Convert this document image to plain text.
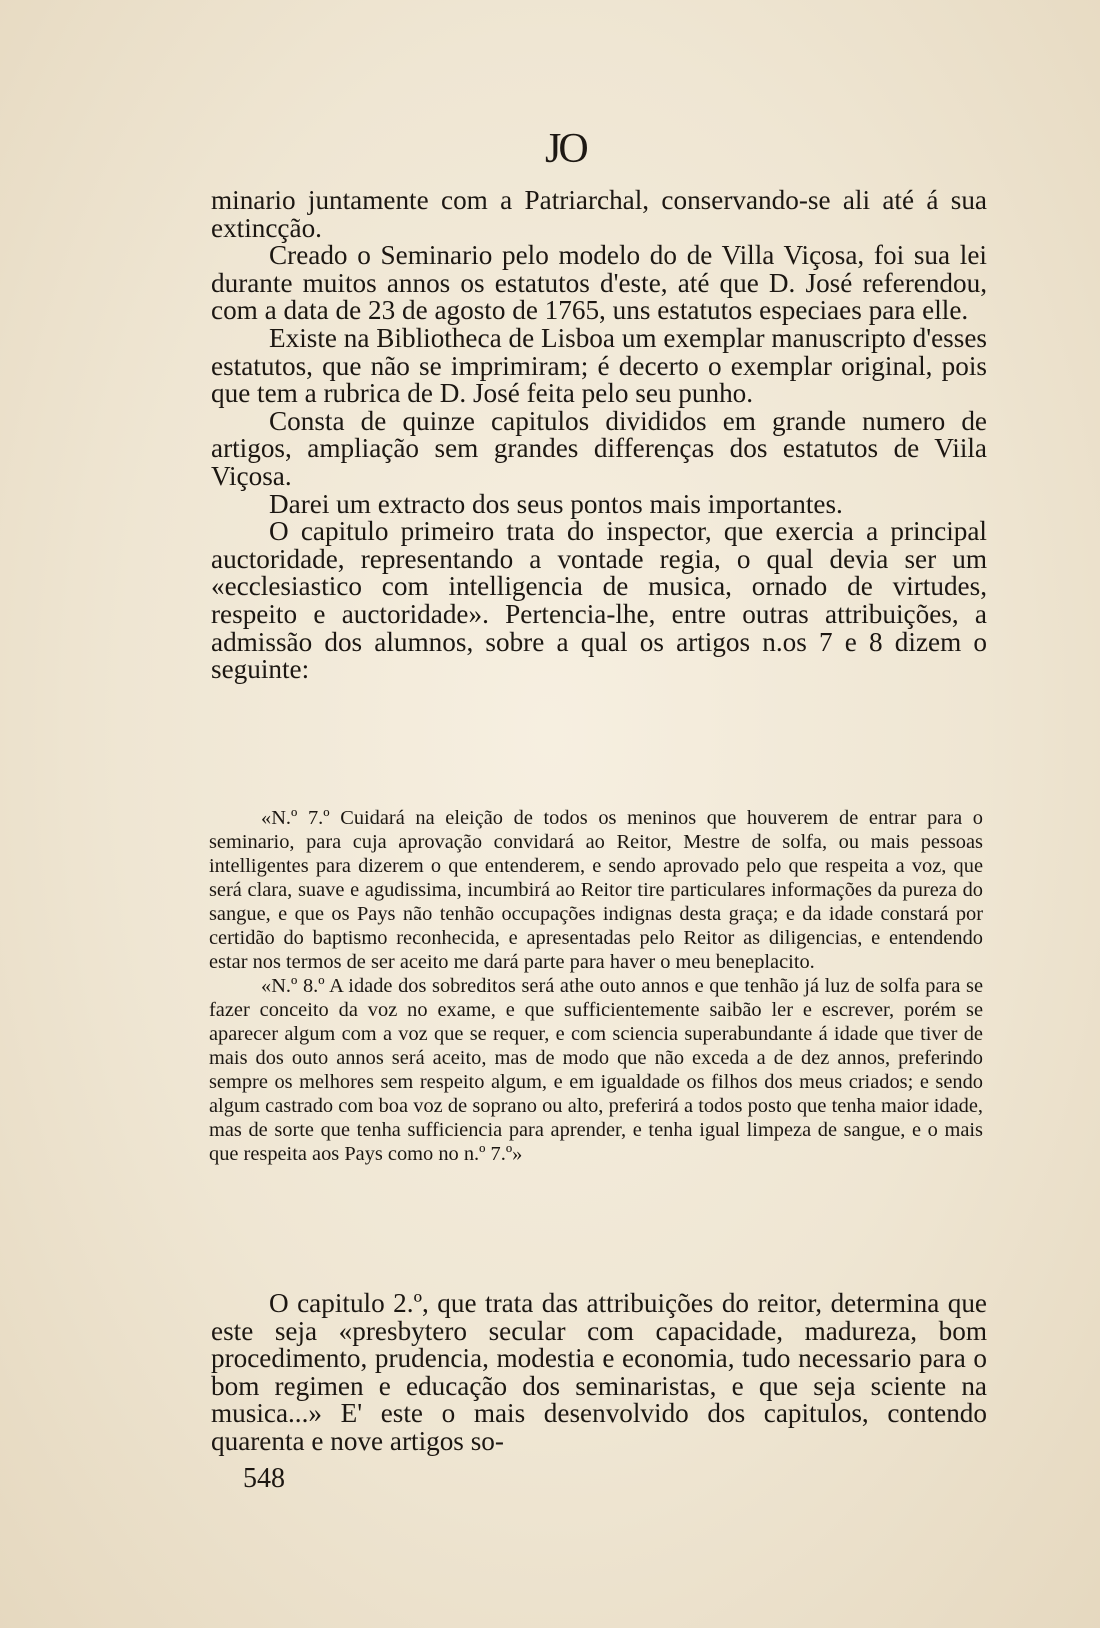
JO

minario juntamente com a Patriarchal, conservando-se ali até á sua extincção.

Creado o Seminario pelo modelo do de Villa Viçosa, foi sua lei durante muitos annos os estatutos d'este, até que D. José referendou, com a data de 23 de agosto de 1765, uns estatutos especiaes para elle.

Existe na Bibliotheca de Lisboa um exemplar manuscripto d'esses estatutos, que não se imprimiram; é decerto o exemplar original, pois que tem a rubrica de D. José feita pelo seu punho.

Consta de quinze capitulos divididos em grande numero de artigos, ampliação sem grandes differenças dos estatutos de Viila Viçosa.

Darei um extracto dos seus pontos mais importantes.

O capitulo primeiro trata do inspector, que exercia a principal auctoridade, representando a vontade regia, o qual devia ser um «ecclesiastico com intelligencia de musica, ornado de virtudes, respeito e auctoridade». Pertencia-lhe, entre outras attribuições, a admissão dos alumnos, sobre a qual os artigos n.os 7 e 8 dizem o seguinte:

«N.º 7.º Cuidará na eleição de todos os meninos que houverem de entrar para o seminario, para cuja aprovação convidará ao Reitor, Mestre de solfa, ou mais pessoas intelligentes para dizerem o que entenderem, e sendo aprovado pelo que respeita a voz, que será clara, suave e agudissima, incumbirá ao Reitor tire particulares informações da pureza do sangue, e que os Pays não tenhão occupações indignas desta graça; e da idade constará por certidão do baptismo reconhecida, e apresentadas pelo Reitor as diligencias, e entendendo estar nos termos de ser aceito me dará parte para haver o meu beneplacito.

«N.º 8.º A idade dos sobreditos será athe outo annos e que tenhão já luz de solfa para se fazer conceito da voz no exame, e que sufficientemente saibão ler e escrever, porém se aparecer algum com a voz que se requer, e com sciencia superabundante á idade que tiver de mais dos outo annos será aceito, mas de modo que não exceda a de dez annos, preferindo sempre os melhores sem respeito algum, e em igualdade os filhos dos meus criados; e sendo algum castrado com boa voz de soprano ou alto, preferirá a todos posto que tenha maior idade, mas de sorte que tenha sufficiencia para aprender, e tenha igual limpeza de sangue, e o mais que respeita aos Pays como no n.º 7.º»

O capitulo 2.º, que trata das attribuições do reitor, determina que este seja «presbytero secular com capacidade, madureza, bom procedimento, prudencia, modestia e economia, tudo necessario para o bom regimen e educação dos seminaristas, e que seja sciente na musica...» E' este o mais desenvolvido dos capitulos, contendo quarenta e nove artigos so-

548
